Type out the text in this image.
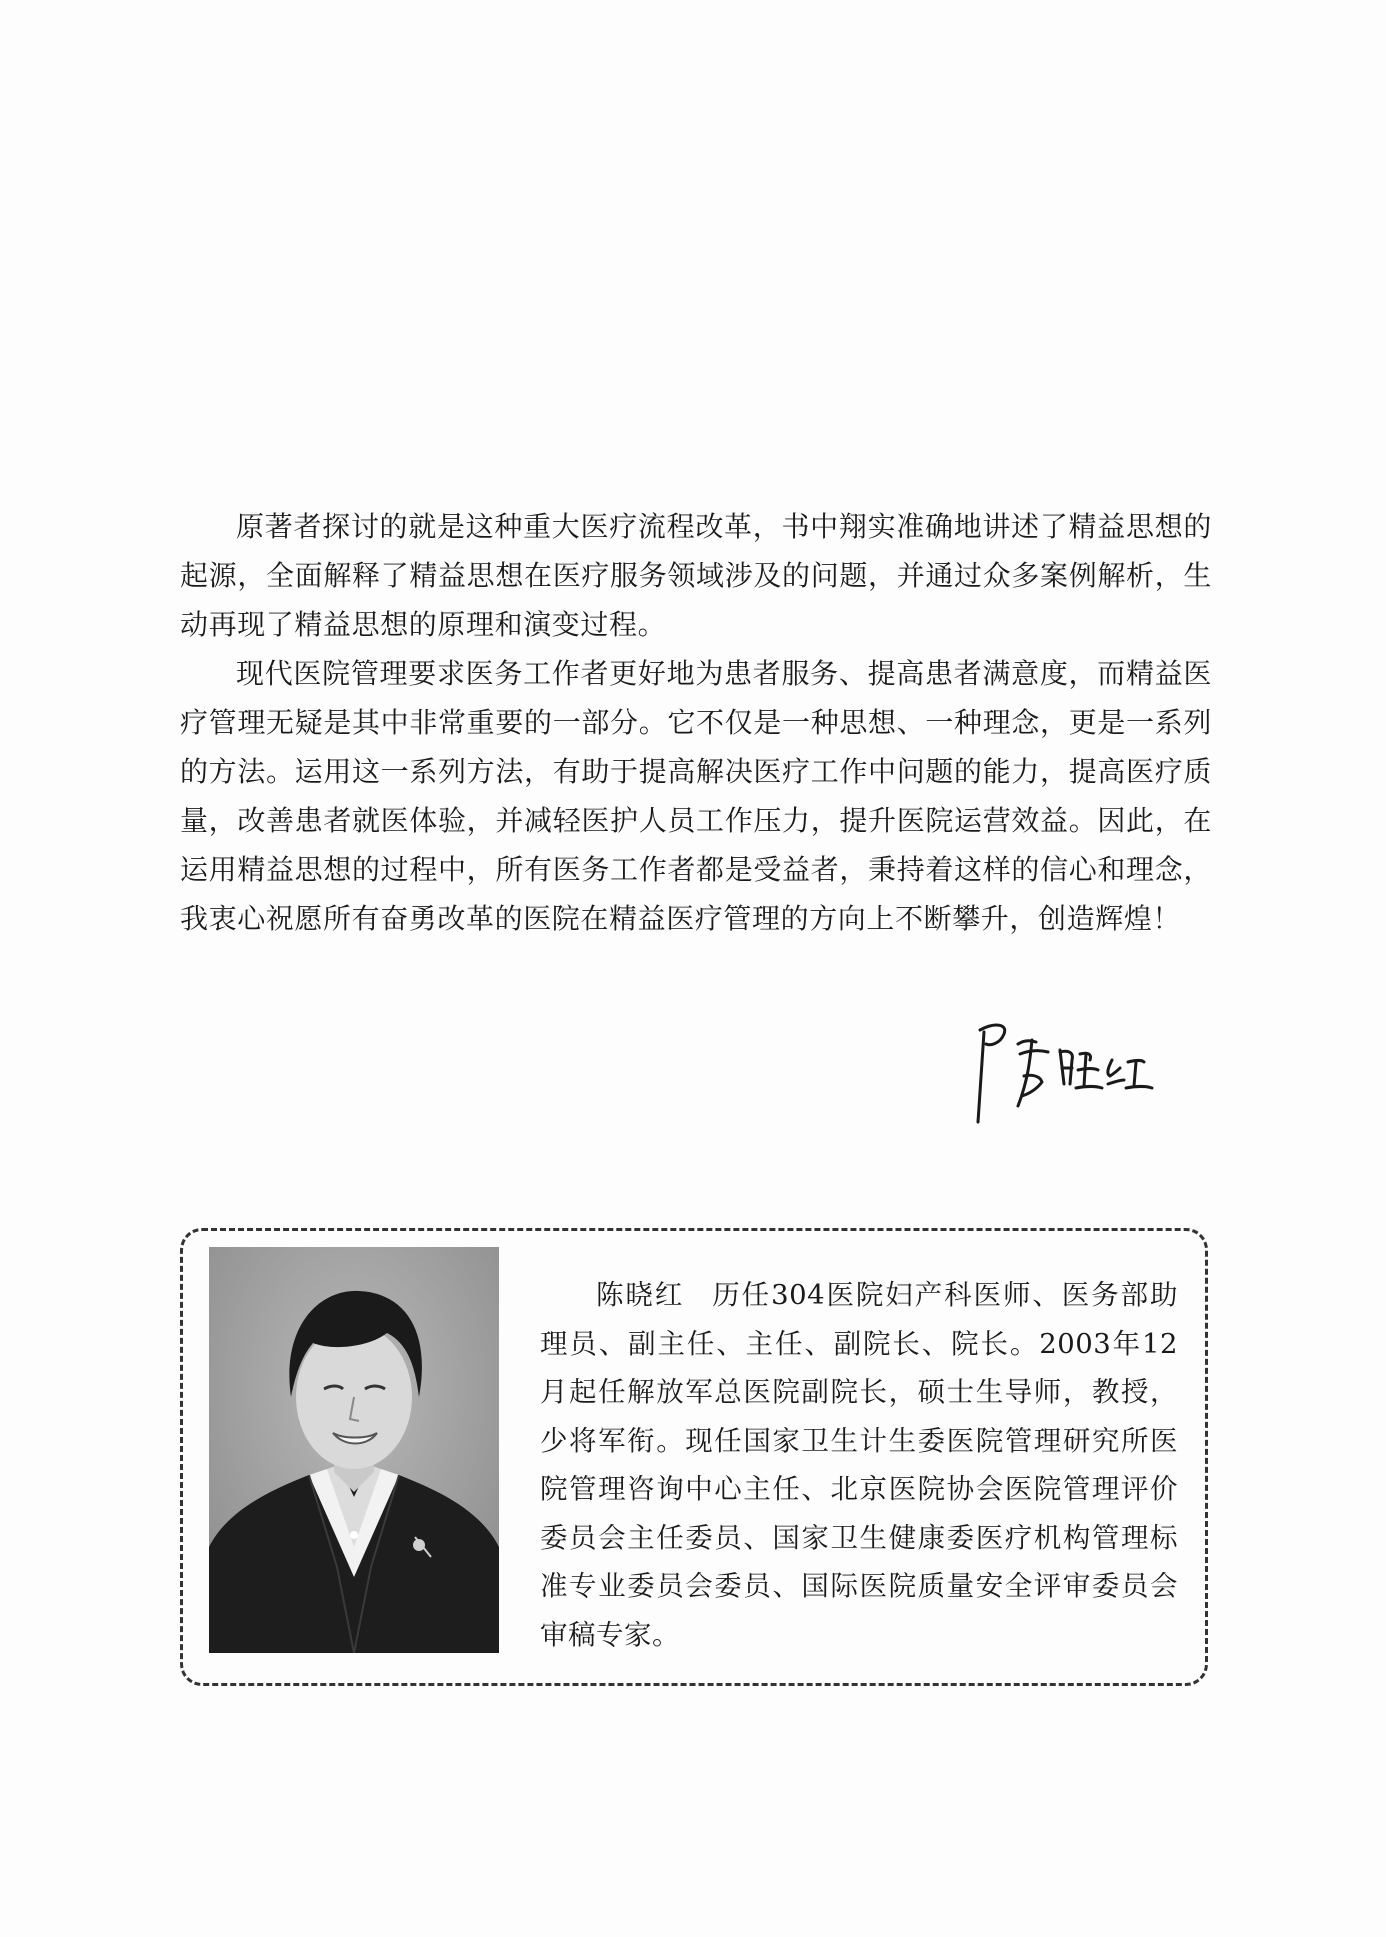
原著者探讨的就是这种重大医疗流程改革，书中翔实准确地讲述了精益思想的起源，全面解释了精益思想在医疗服务领域涉及的问题，并通过众多案例解析，生动再现了精益思想的原理和演变过程。

现代医院管理要求医务工作者更好地为患者服务、提高患者满意度，而精益医疗管理无疑是其中非常重要的一部分。它不仅是一种思想、一种理念，更是一系列的方法。运用这一系列方法，有助于提高解决医疗工作中问题的能力，提高医疗质量，改善患者就医体验，并减轻医护人员工作压力，提升医院运营效益。因此，在运用精益思想的过程中，所有医务工作者都是受益者，秉持着这样的信心和理念，我衷心祝愿所有奋勇改革的医院在精益医疗管理的方向上不断攀升，创造辉煌！

陈晓红 历任304医院妇产科医师、医务部助理员、副主任、主任、副院长、院长。2003年12月起任解放军总医院副院长，硕士生导师，教授，少将军衔。现任国家卫生计生委医院管理研究所医院管理咨询中心主任、北京医院协会医院管理评价委员会主任委员、国家卫生健康委医疗机构管理标准专业委员会委员、国际医院质量安全评审委员会审稿专家。
